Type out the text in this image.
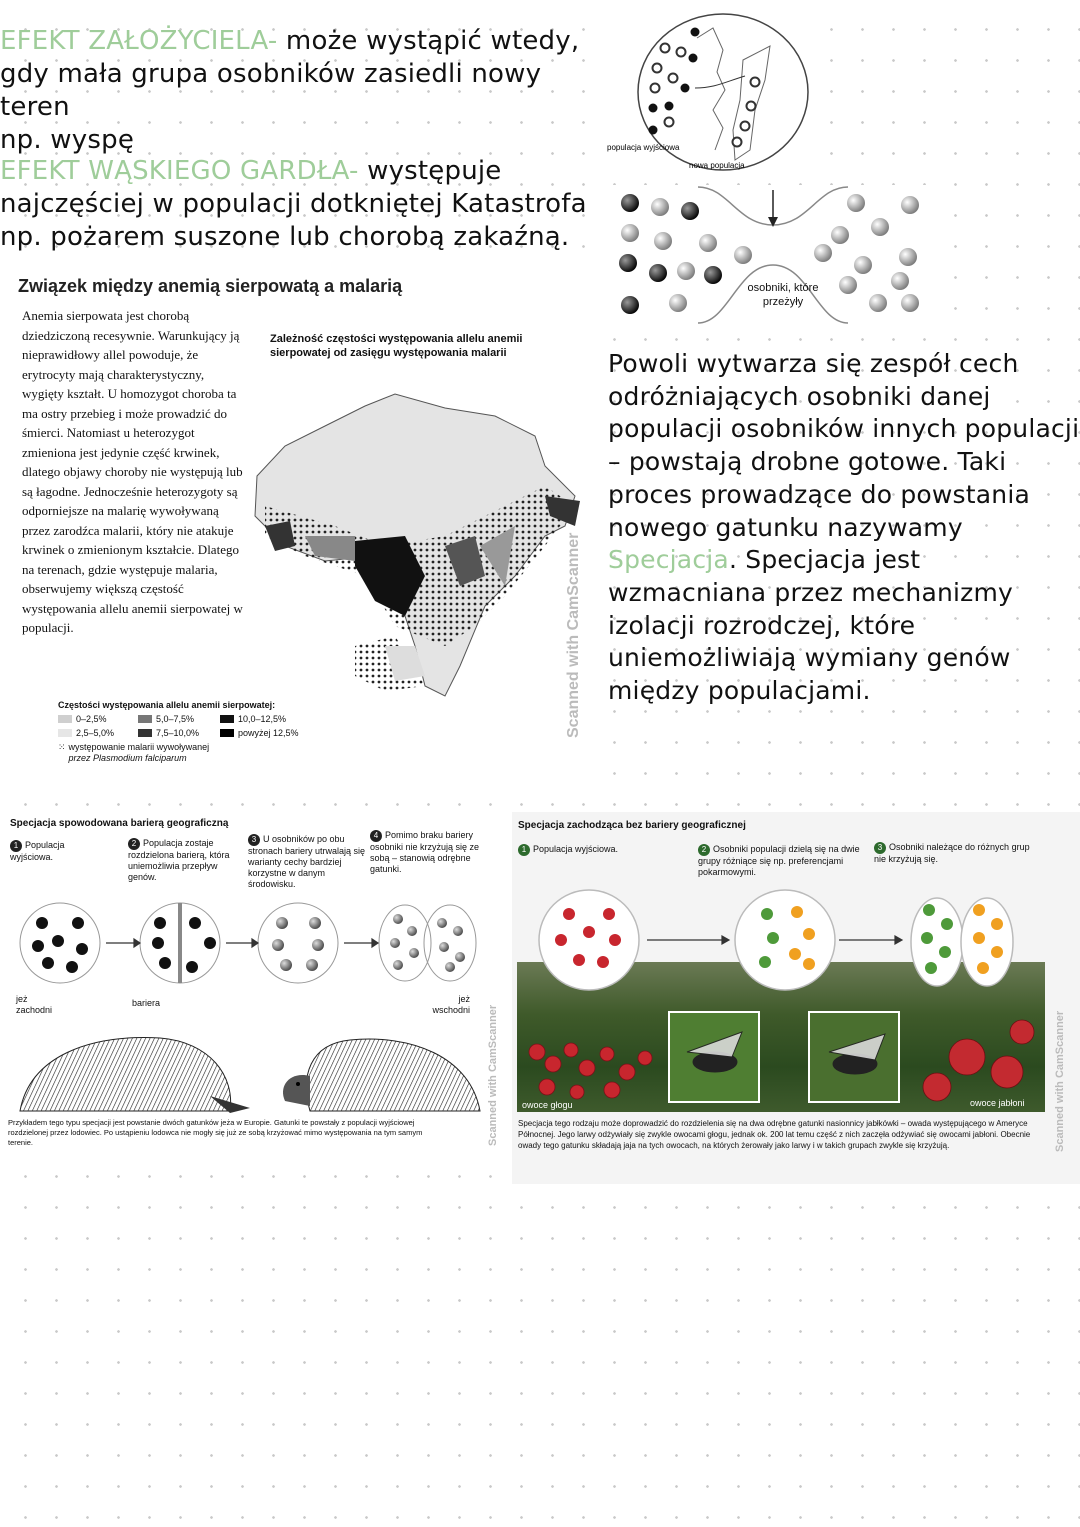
EFEKT ZAŁOŻYCIELA- może wystąpić wtedy,
gdy mała grupa osobników zasiedli nowy teren
np. wyspę
EFEKT WĄSKIEGO GARDŁA- występuje
najczęściej w populacji dotkniętej Katastrofa
np. pożarem suszone lub chorobą zakaźną.
populacja wyjściowa
nowa populacja
osobniki, które przeżyły
Powoli wytwarza się zespół cech
odróżniających osobniki danej
populacji osobników innych populacji
– powstają drobne gotowe. Taki
proces prowadzące do powstania
nowego gatunku nazywamy
Specjacja. Specjacja jest
wzmacniana przez mechanizmy
izolacji rozrodczej, które
uniemożliwiają wymiany genów
między populacjami.
Związek między anemią sierpowatą a malarią
Anemia sierpowata jest chorobą dziedziczoną recesywnie. Warunkujący ją nieprawidłowy allel powoduje, że erytrocyty mają charakterystyczny, wygięty kształt. U homozygot choroba ta ma ostry przebieg i może prowadzić do śmierci. Natomiast u heterozygot zmieniona jest jedynie część krwinek, dlatego objawy choroby nie występują lub są łagodne. Jednocześnie heterozygoty są odporniejsze na malarię wywoływaną przez zarodźca malarii, który nie atakuje krwinek o zmienionym kształcie. Dlatego na terenach, gdzie występuje malaria, obserwujemy większą częstość występowania allelu anemii sierpowatej w populacji.
Zależność częstości występowania allelu anemii sierpowatej od zasięgu występowania malarii
Częstości występowania allelu anemii sierpowatej:
0–2,5%	5,0–7,5%	10,0–12,5%
2,5–5,0%	7,5–10,0%	powyżej 12,5%
⁙ występowanie malarii wywoływanej
przez Plasmodium falciparum
Scanned with CamScanner
Specjacja spowodowana barierą geograficzną
1 Populacja wyjściowa.
2 Populacja zostaje rozdzielona barierą, która uniemożliwia przepływ genów.
3 U osobników po obu stronach bariery utrwalają się warianty cechy bardziej korzystne w danym środowisku.
4 Pomimo braku bariery osobniki nie krzyżują się ze sobą – stanowią odrębne gatunki.
jeż zachodni
bariera	jeż wschodni
Przykładem tego typu specjacji jest powstanie dwóch gatunków jeża w Europie. Gatunki te powstały z populacji wyjściowej rozdzielonej przez lodowiec. Po ustąpieniu lodowca nie mogły się już ze sobą krzyżować mimo występowania na tym samym terenie.	Scanned with CamScanner
Specjacja zachodząca bez bariery geograficznej
1 Populacja wyjściowa.	2 Osobniki populacji dzielą się na dwie grupy różniące się np. preferencjami pokarmowymi.
3 Osobniki należące do różnych grup nie krzyżują się.
owoce głogu	owoce jabłoni
Specjacja tego rodzaju może doprowadzić do rozdzielenia się na dwa odrębne gatunki nasionnicy jabłkówki – owada występującego w Ameryce Północnej. Jego larwy odżywiały się zwykle owocami głogu, jednak ok. 200 lat temu część z nich zaczęła odżywiać się owocami jabłoni. Obecnie owady tego gatunku składają jaja na tych owocach, na których żerowały jako larwy i w takich grupach zwykle się krzyżują.	Scanned with CamScanner
